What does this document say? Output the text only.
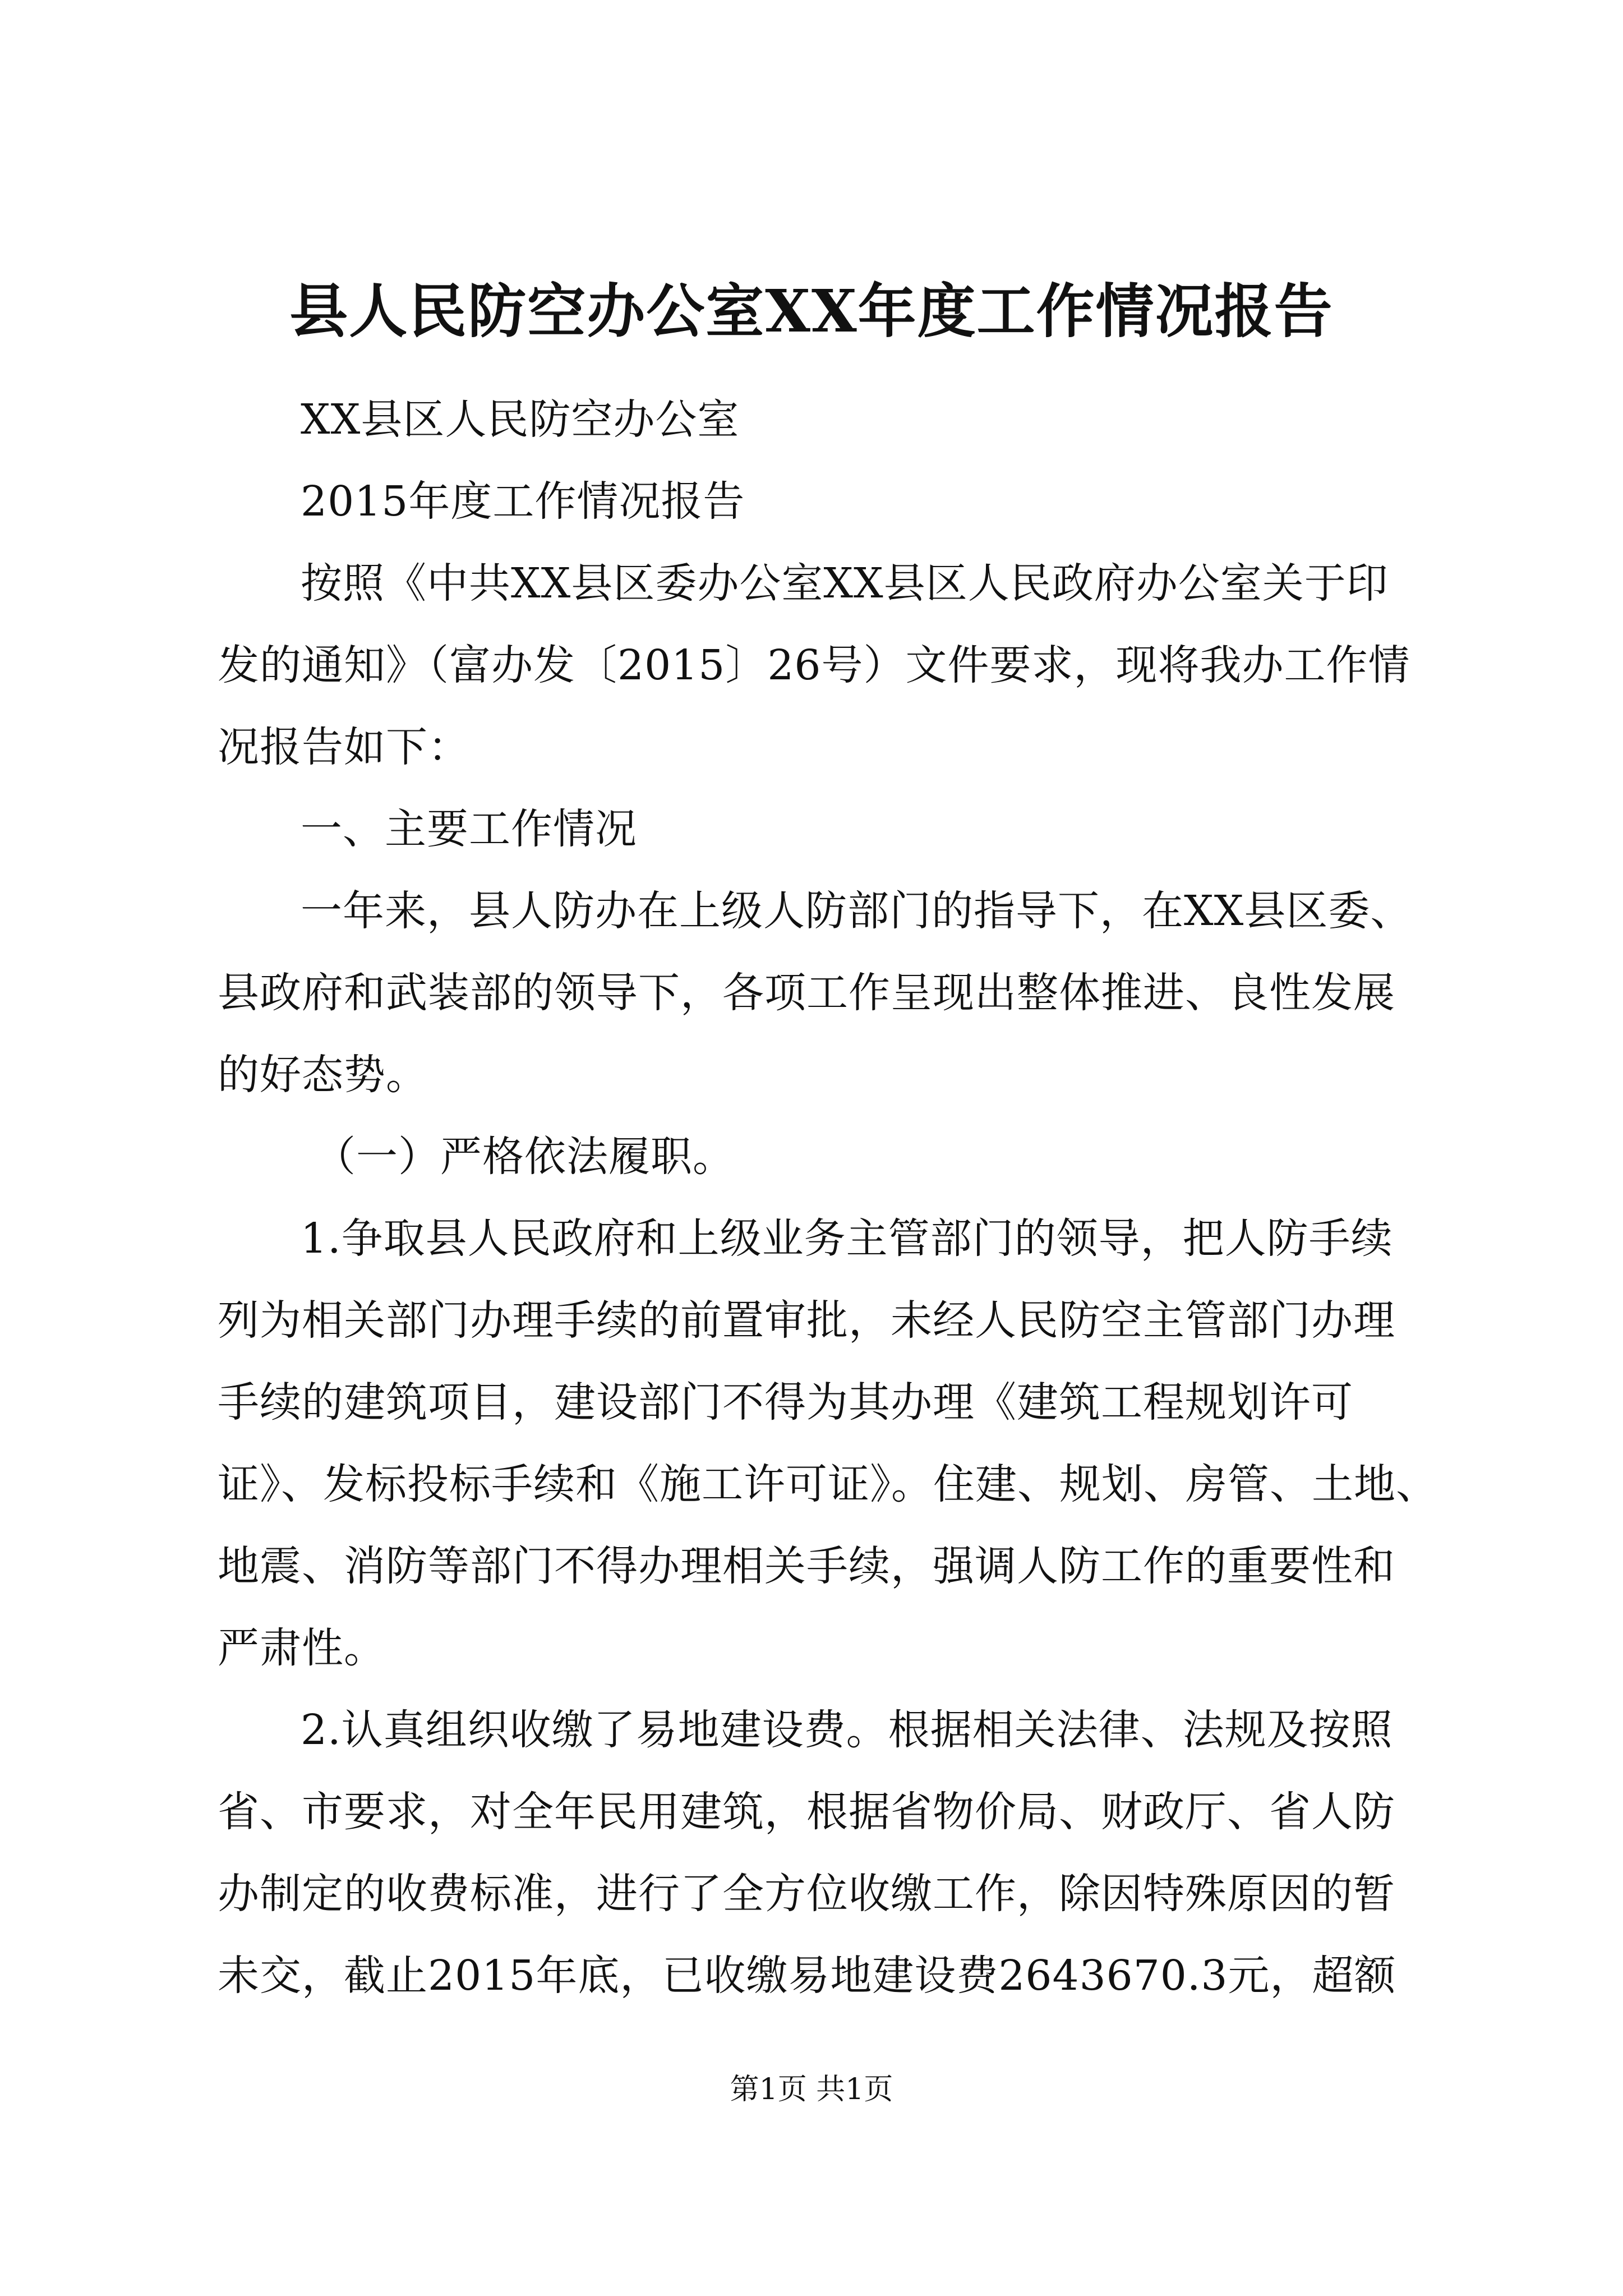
县人民防空办公室XX年度工作情况报告
XX县区人民防空办公室
2015年度工作情况报告
按照《中共XX县区委办公室XX县区人民政府办公室关于印
发的通知》（富办发〔2015〕26号）文件要求，现将我办工作情
况报告如下：
一、主要工作情况
一年来，县人防办在上级人防部门的指导下，在XX县区委、
县政府和武装部的领导下，各项工作呈现出整体推进、良性发展
的好态势。
（一）严格依法履职。
1.争取县人民政府和上级业务主管部门的领导，把人防手续
列为相关部门办理手续的前置审批，未经人民防空主管部门办理
手续的建筑项目，建设部门不得为其办理《建筑工程规划许可
证》、发标投标手续和《施工许可证》。住建、规划、房管、土地、
地震、消防等部门不得办理相关手续，强调人防工作的重要性和
严肃性。
2.认真组织收缴了易地建设费。根据相关法律、法规及按照
省、市要求，对全年民用建筑，根据省物价局、财政厅、省人防
办制定的收费标准，进行了全方位收缴工作，除因特殊原因的暂
未交，截止2015年底，已收缴易地建设费2643670.3元，超额
第1页 共1页
